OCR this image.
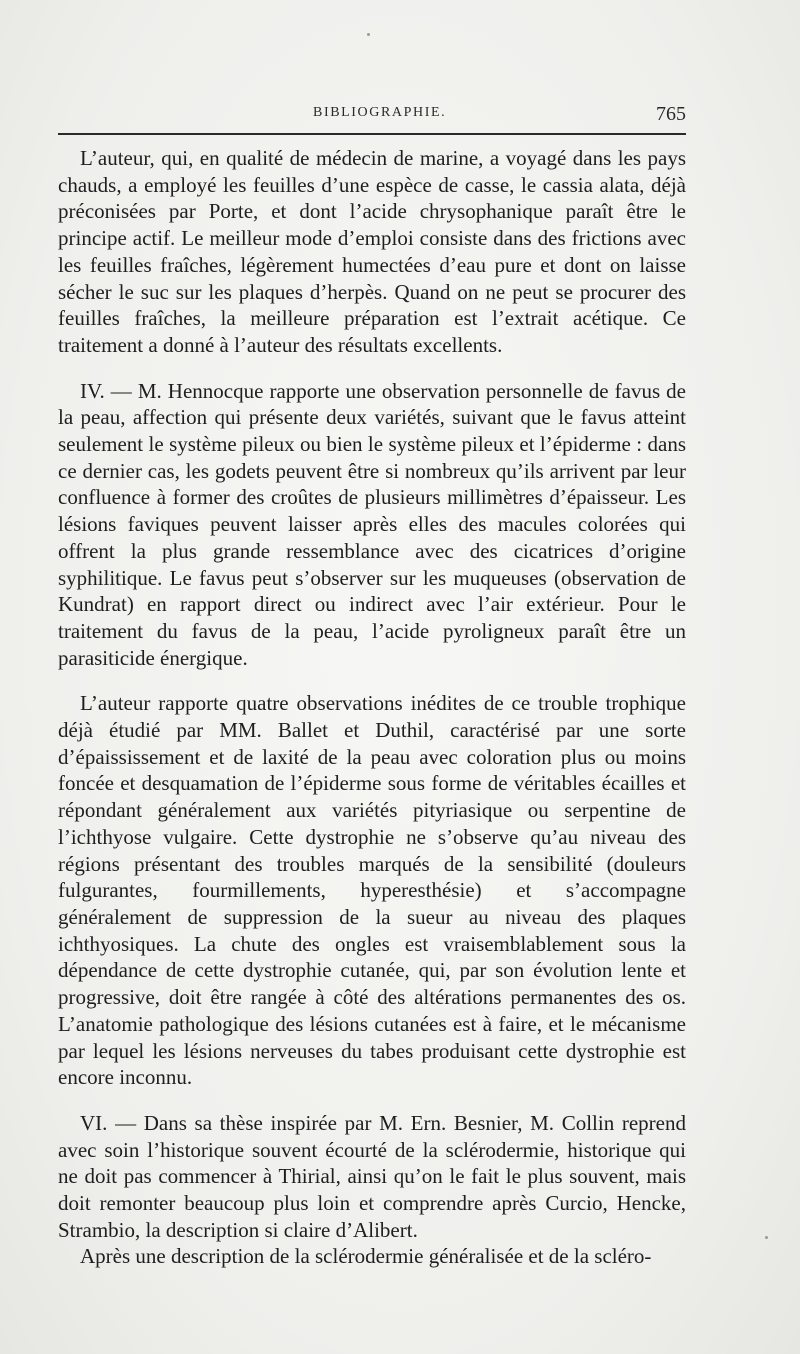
BIBLIOGRAPHIE.	765

L’auteur, qui, en qualité de médecin de marine, a voyagé dans les pays chauds, a employé les feuilles d’une espèce de casse, le cassia alata, déjà préconisées par Porte, et dont l’acide chrysophanique paraît être le principe actif. Le meilleur mode d’emploi consiste dans des frictions avec les feuilles fraîches, légèrement humectées d’eau pure et dont on laisse sécher le suc sur les plaques d’herpès. Quand on ne peut se procurer des feuilles fraîches, la meilleure préparation est l’extrait acétique. Ce traitement a donné à l’auteur des résultats excellents.

IV. — M. Hennocque rapporte une observation personnelle de favus de la peau, affection qui présente deux variétés, suivant que le favus atteint seulement le système pileux ou bien le système pileux et l’épiderme : dans ce dernier cas, les godets peuvent être si nombreux qu’ils arrivent par leur confluence à former des croûtes de plusieurs millimètres d’épaisseur. Les lésions faviques peuvent laisser après elles des macules colorées qui offrent la plus grande ressemblance avec des cicatrices d’origine syphilitique. Le favus peut s’observer sur les muqueuses (observation de Kundrat) en rapport direct ou indirect avec l’air extérieur. Pour le traitement du favus de la peau, l’acide pyroligneux paraît être un parasiticide énergique.

L’auteur rapporte quatre observations inédites de ce trouble trophique déjà étudié par MM. Ballet et Duthil, caractérisé par une sorte d’épaississement et de laxité de la peau avec coloration plus ou moins foncée et desquamation de l’épiderme sous forme de véritables écailles et répondant généralement aux variétés pityriasique ou serpentine de l’ichthyose vulgaire. Cette dystrophie ne s’observe qu’au niveau des régions présentant des troubles marqués de la sensibilité (douleurs fulgurantes, fourmillements, hyperesthésie) et s’accompagne généralement de suppression de la sueur au niveau des plaques ichthyosiques. La chute des ongles est vraisemblablement sous la dépendance de cette dystrophie cutanée, qui, par son évolution lente et progressive, doit être rangée à côté des altérations permanentes des os. L’anatomie pathologique des lésions cutanées est à faire, et le mécanisme par lequel les lésions nerveuses du tabes produisant cette dystrophie est encore inconnu.

VI. — Dans sa thèse inspirée par M. Ern. Besnier, M. Collin reprend avec soin l’historique souvent écourté de la sclérodermie, historique qui ne doit pas commencer à Thirial, ainsi qu’on le fait le plus souvent, mais doit remonter beaucoup plus loin et comprendre après Curcio, Hencke, Strambio, la description si claire d’Alibert.

Après une description de la sclérodermie généralisée et de la scléro-
